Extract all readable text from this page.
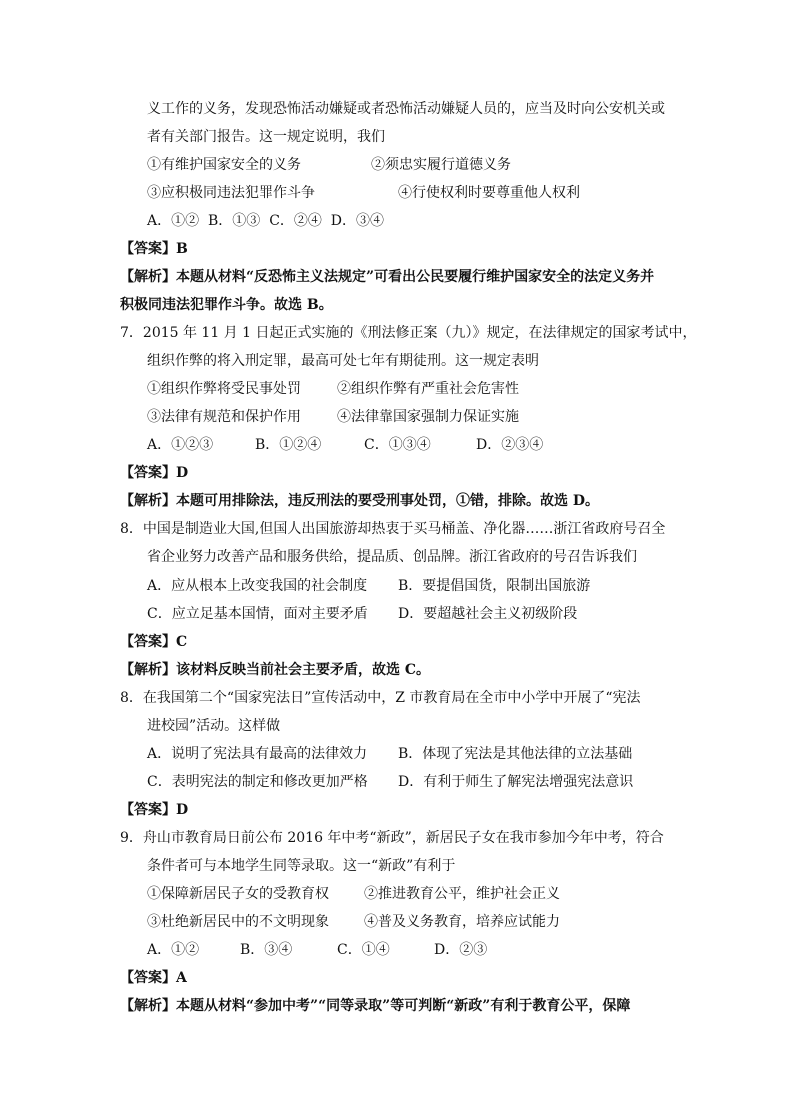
义工作的义务，发现恐怖活动嫌疑或者恐怖活动嫌疑人员的，应当及时向公安机关或
者有关部门报告。这一规定说明，我们
①有维护国家安全的义务	②须忠实履行道德义务
③应积极同违法犯罪作斗争	④行使权利时要尊重他人权利
A．①②  B．①③  C．②④  D．③④
【答案】B
【解析】本题从材料“反恐怖主义法规定”可看出公民要履行维护国家安全的法定义务并
积极同违法犯罪作斗争。故选 B。
7．2015 年 11 月 1 日起正式实施的《刑法修正案（九）》规定，在法律规定的国家考试中，
组织作弊的将入刑定罪，最高可处七年有期徒刑。这一规定表明
①组织作弊将受民事处罚	②组织作弊有严重社会危害性
③法律有规范和保护作用	④法律靠国家强制力保证实施
A．①②③	B．①②④	C．①③④	D．②③④
【答案】D
【解析】本题可用排除法，违反刑法的要受刑事处罚，①错，排除。故选 D。
8．中国是制造业大国,但国人出国旅游却热衷于买马桶盖、净化器……浙江省政府号召全
省企业努力改善产品和服务供给，提品质、创品牌。浙江省政府的号召告诉我们
A．应从根本上改变我国的社会制度 B．要提倡国货，限制出国旅游
C．应立足基本国情，面对主要矛盾 D．要超越社会主义初级阶段
【答案】C
【解析】该材料反映当前社会主要矛盾，故选 C。
8．在我国第二个“国家宪法日”宣传活动中，Z 市教育局在全市中小学中开展了“宪法
进校园”活动。这样做
A．说明了宪法具有最高的法律效力 B．体现了宪法是其他法律的立法基础
C．表明宪法的制定和修改更加严格 D．有利于师生了解宪法增强宪法意识
【答案】D
9．舟山市教育局日前公布 2016 年中考“新政”，新居民子女在我市参加今年中考，符合
条件者可与本地学生同等录取。这一“新政”有利于
①保障新居民子女的受教育权	②推进教育公平，维护社会正义
③杜绝新居民中的不文明现象	④普及义务教育，培养应试能力
A．①②	B．③④	C．①④	D．②③
【答案】A
【解析】本题从材料“参加中考”“同等录取”等可判断“新政”有利于教育公平，保障
